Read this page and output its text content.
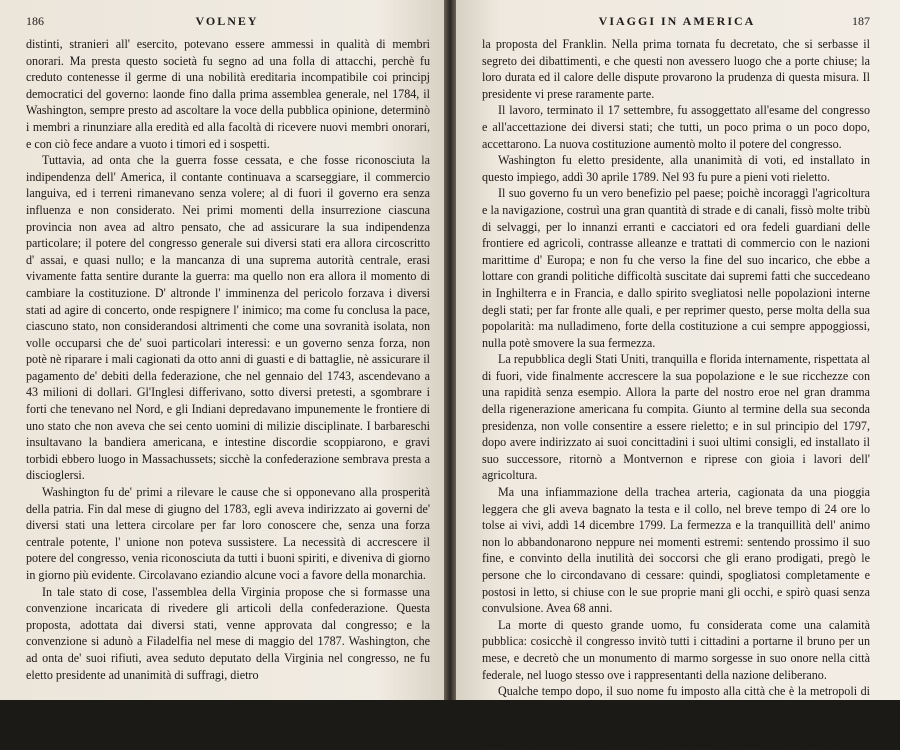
186	VOLNEY

distinti, stranieri all' esercito, potevano essere ammessi in qualità di membri onorari. Ma presta questo società fu segno ad una folla di attacchi, perchè fu creduto contenesse il germe di una nobilità ereditaria incompatibile coi principj democratici del governo: laonde fino dalla prima assemblea generale, nel 1784, il Washington, sempre presto ad ascoltare la voce della pubblica opinione, determinò i membri a rinunziare alla eredità ed alla facoltà di ricevere nuovi membri onorari, e con ciò fece andare a vuoto i timori ed i sospetti.

Tuttavia, ad onta che la guerra fosse cessata, e che fosse riconosciuta la indipendenza dell' America, il contante continuava a scarseggiare, il commercio languiva, ed i terreni rimanevano senza volere; al di fuori il governo era senza influenza e non considerato. Nei primi momenti della insurrezione ciascuna provincia non avea ad altro pensato, che ad assicurare la sua indipendenza particolare; il potere del congresso generale sui diversi stati era allora circoscritto d' assai, e quasi nullo; e la mancanza di una suprema autorità centrale, erasi vivamente fatta sentire durante la guerra: ma quello non era allora il momento di cambiare la costituzione. D' altronde l' imminenza del pericolo forzava i diversi stati ad agire di concerto, onde respignere l' inimico; ma come fu conclusa la pace, ciascuno stato, non considerandosi altrimenti che come una sovranità isolata, non volle occuparsi che de' suoi particolari interessi: e un governo senza forza, non potè nè riparare i mali cagionati da otto anni di guasti e di battaglie, nè assicurare il pagamento de' debiti della federazione, che nel gennaio del 1743, ascendevano a 43 milioni di dollari. Gl'Inglesi differivano, sotto diversi pretesti, a sgombrare i forti che tenevano nel Nord, e gli Indiani depredavano impunemente le frontiere di uno stato che non aveva che sei cento uomini di milizie disciplinate. I barbareschi insultavano la bandiera americana, e intestine discordie scoppiarono, e gravi torbidi ebbero luogo in Massachussets; sicchè la confederazione sembrava presta a discioglersi.

Washington fu de' primi a rilevare le cause che si opponevano alla prosperità della patria. Fin dal mese di giugno del 1783, egli aveva indirizzato ai governi de' diversi stati una lettera circolare per far loro conoscere che, senza una forza centrale potente, l' unione non poteva sussistere. La necessità di accrescere il potere del congresso, venia riconosciuta da tutti i buoni spiriti, e diveniva di giorno in giorno più evidente. Circolavano eziandio alcune voci a favore della monarchia.

In tale stato di cose, l'assemblea della Virginia propose che si formasse una convenzione incaricata di rivedere gli articoli della confederazione. Questa proposta, adottata dai diversi stati, venne approvata dal congresso; e la convenzione si adunò a Filadelfia nel mese di maggio del 1787. Washington, che ad onta de' suoi rifiuti, avea seduto deputato della Virginia nel congresso, ne fu eletto presidente ad unanimità di suffragi, dietro

VIAGGI IN AMERICA	187

la proposta del Franklin. Nella prima tornata fu decretato, che si serbasse il segreto dei dibattimenti, e che questi non avessero luogo che a porte chiuse; la loro durata ed il calore delle dispute provarono la prudenza di questa misura. Il presidente vi prese raramente parte.

Il lavoro, terminato il 17 settembre, fu assoggettato all'esame del congresso e all'accettazione dei diversi stati; che tutti, un poco prima o un poco dopo, accettarono. La nuova costituzione aumentò molto il potere del congresso.

Washington fu eletto presidente, alla unanimità di voti, ed installato in questo impiego, addì 30 aprile 1789. Nel 93 fu pure a pieni voti rieletto.

Il suo governo fu un vero benefizio pel paese; poichè incoraggì l'agricoltura e la navigazione, costruì una gran quantità di strade e di canali, fissò molte tribù di selvaggi, per lo innanzi erranti e cacciatori ed ora fedeli guardiani delle frontiere ed agricoli, contrasse alleanze e trattati di commercio con le nazioni marittime d' Europa; e non fu che verso la fine del suo incarico, che ebbe a lottare con grandi politiche difficoltà suscitate dai supremi fatti che succedeano in Inghilterra e in Francia, e dallo spirito svegliatosi nelle popolazioni interne degli stati; per far fronte alle quali, e per reprimer questo, perse molta della sua popolarità: ma nulladimeno, forte della costituzione a cui sempre appoggiossi, nulla potè smovere la sua fermezza.

La repubblica degli Stati Uniti, tranquilla e florida internamente, rispettata al di fuori, vide finalmente accrescere la sua popolazione e le sue ricchezze con una rapidità senza esempio. Allora la parte del nostro eroe nel gran dramma della rigenerazione americana fu compita. Giunto al termine della sua seconda presidenza, non volle consentire a essere rieletto; e in sul principio del 1797, dopo avere indirizzato ai suoi concittadini i suoi ultimi consigli, ed installato il suo successore, ritornò a Montvernon e riprese con gioia i lavori dell' agricoltura.

Ma una infiammazione della trachea arteria, cagionata da una pioggia leggera che gli aveva bagnato la testa e il collo, nel breve tempo di 24 ore lo tolse ai vivi, addì 14 dicembre 1799. La fermezza e la tranquillità dell' animo non lo abbandonarono neppure nei momenti estremi: sentendo prossimo il suo fine, e convinto della inutilità dei soccorsi che gli erano prodigati, pregò le persone che lo circondavano di cessare: quindi, spogliatosi completamente e postosi in letto, si chiuse con le sue proprie mani gli occhi, e spirò quasi senza convulsione. Avea 68 anni.

La morte di questo grande uomo, fu considerata come una calamità pubblica: cosicchè il congresso invitò tutti i cittadini a portarne il bruno per un mese, e decretò che un monumento di marmo sorgesse in suo onore nella città federale, nel luogo stesso ove i rappresentanti della nazione deliberano.

Qualche tempo dopo, il suo nome fu imposto alla città che è la metropoli di tutta la Unione americana.

Jefferson (Tommaso), III° presidente degli Stati Uniti, nacque a Shadwel nella Virginia l'anno 1743. Studiò il diritto sotto il celebre Wythe. La fama
